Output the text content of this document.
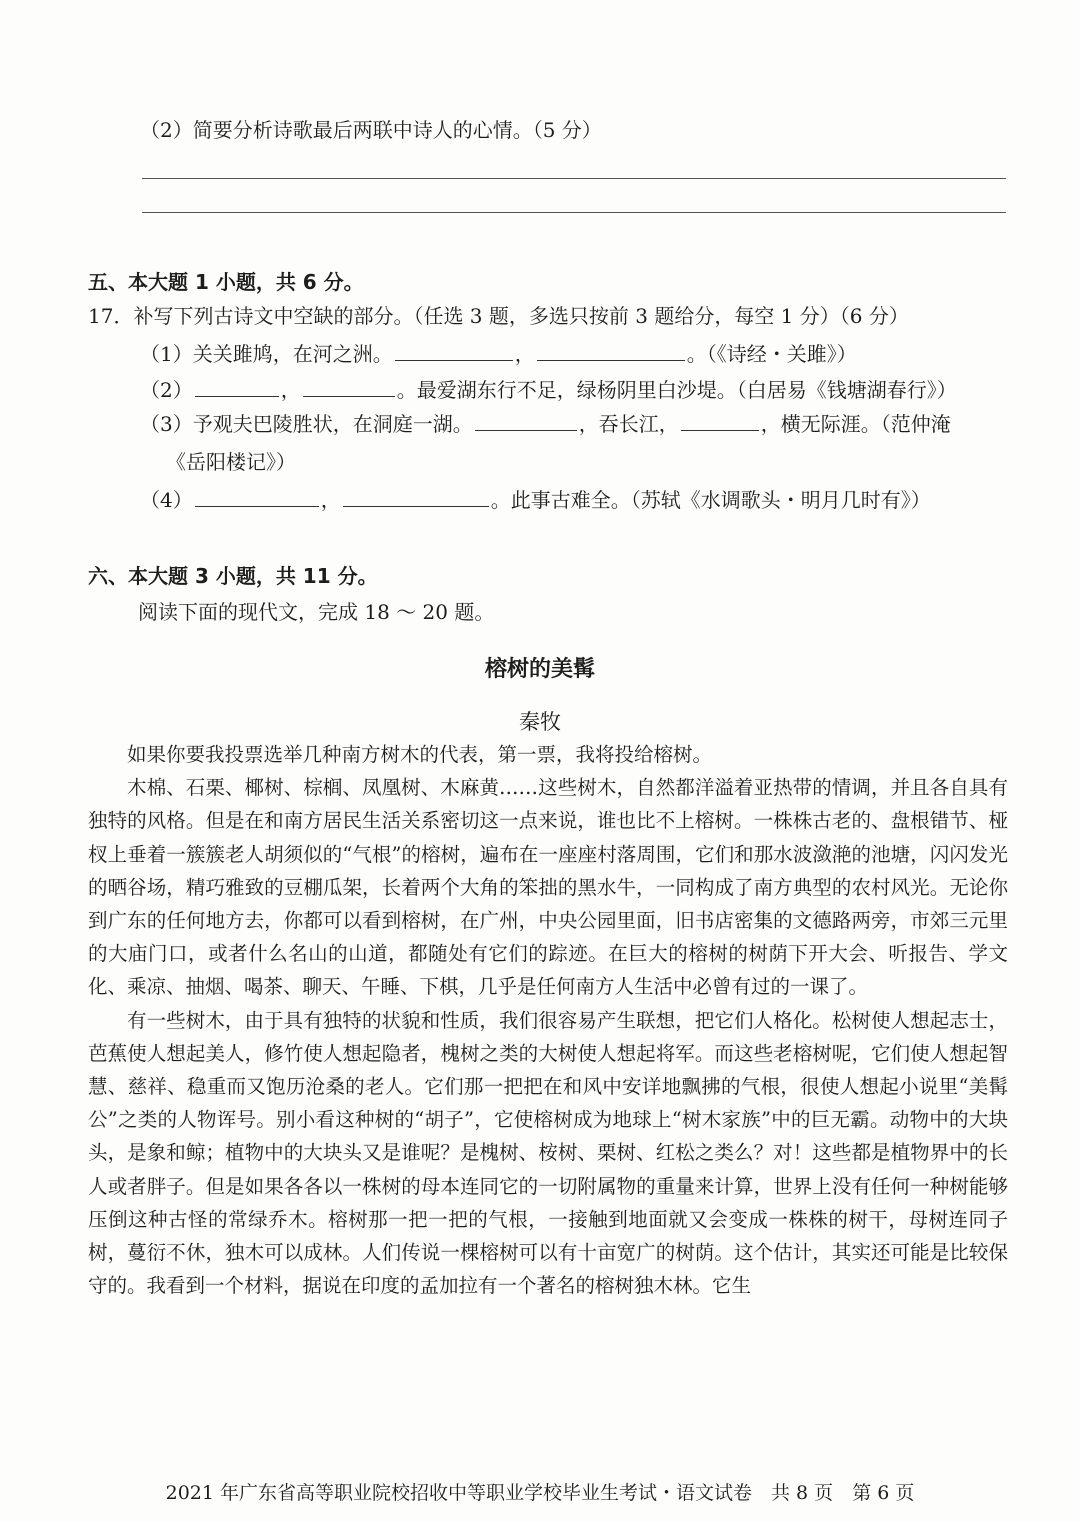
（2）简要分析诗歌最后两联中诗人的心情。（5 分）
五、本大题 1 小题，共 6 分。
17．补写下列古诗文中空缺的部分。（任选 3 题，多选只按前 3 题给分，每空 1 分）（6 分）
（1）关关雎鸠，在河之洲。	，	。（《诗经・关雎》）
（2）	，	。最爱湖东行不足，绿杨阴里白沙堤。（白居易《钱塘湖春行》）
（3）予观夫巴陵胜状，在洞庭一湖。	，吞长江，	，横无际涯。（范仲淹
《岳阳楼记》）
（4）	，	。此事古难全。（苏轼《水调歌头・明月几时有》）
六、本大题 3 小题，共 11 分。
阅读下面的现代文，完成 18 ～ 20 题。
榕树的美髯
秦牧

如果你要我投票选举几种南方树木的代表，第一票，我将投给榕树。

木棉、石栗、椰树、棕榈、凤凰树、木麻黄……这些树木，自然都洋溢着亚热带的情调，并且各自具有独特的风格。但是在和南方居民生活关系密切这一点来说，谁也比不上榕树。一株株古老的、盘根错节、桠杈上垂着一簇簇老人胡须似的“气根”的榕树，遍布在一座座村落周围，它们和那水波潋滟的池塘，闪闪发光的晒谷场，精巧雅致的豆棚瓜架，长着两个大角的笨拙的黑水牛，一同构成了南方典型的农村风光。无论你到广东的任何地方去，你都可以看到榕树，在广州，中央公园里面，旧书店密集的文德路两旁，市郊三元里的大庙门口，或者什么名山的山道，都随处有它们的踪迹。在巨大的榕树的树荫下开大会、听报告、学文化、乘凉、抽烟、喝茶、聊天、午睡、下棋，几乎是任何南方人生活中必曾有过的一课了。

有一些树木，由于具有独特的状貌和性质，我们很容易产生联想，把它们人格化。松树使人想起志士，芭蕉使人想起美人，修竹使人想起隐者，槐树之类的大树使人想起将军。而这些老榕树呢，它们使人想起智慧、慈祥、稳重而又饱历沧桑的老人。它们那一把把在和风中安详地飘拂的气根，很使人想起小说里“美髯公”之类的人物诨号。别小看这种树的“胡子”，它使榕树成为地球上“树木家族”中的巨无霸。动物中的大块头，是象和鲸；植物中的大块头又是谁呢？是槐树、桉树、栗树、红松之类么？对！这些都是植物界中的长人或者胖子。但是如果各各以一株树的母本连同它的一切附属物的重量来计算，世界上没有任何一种树能够压倒这种古怪的常绿乔木。榕树那一把一把的气根，一接触到地面就又会变成一株株的树干，母树连同子树，蔓衍不休，独木可以成林。人们传说一棵榕树可以有十亩宽广的树荫。这个估计，其实还可能是比较保守的。我看到一个材料，据说在印度的孟加拉有一个著名的榕树独木林。它生

2021 年广东省高等职业院校招收中等职业学校毕业生考试・语文试卷　共 8 页　第 6 页
